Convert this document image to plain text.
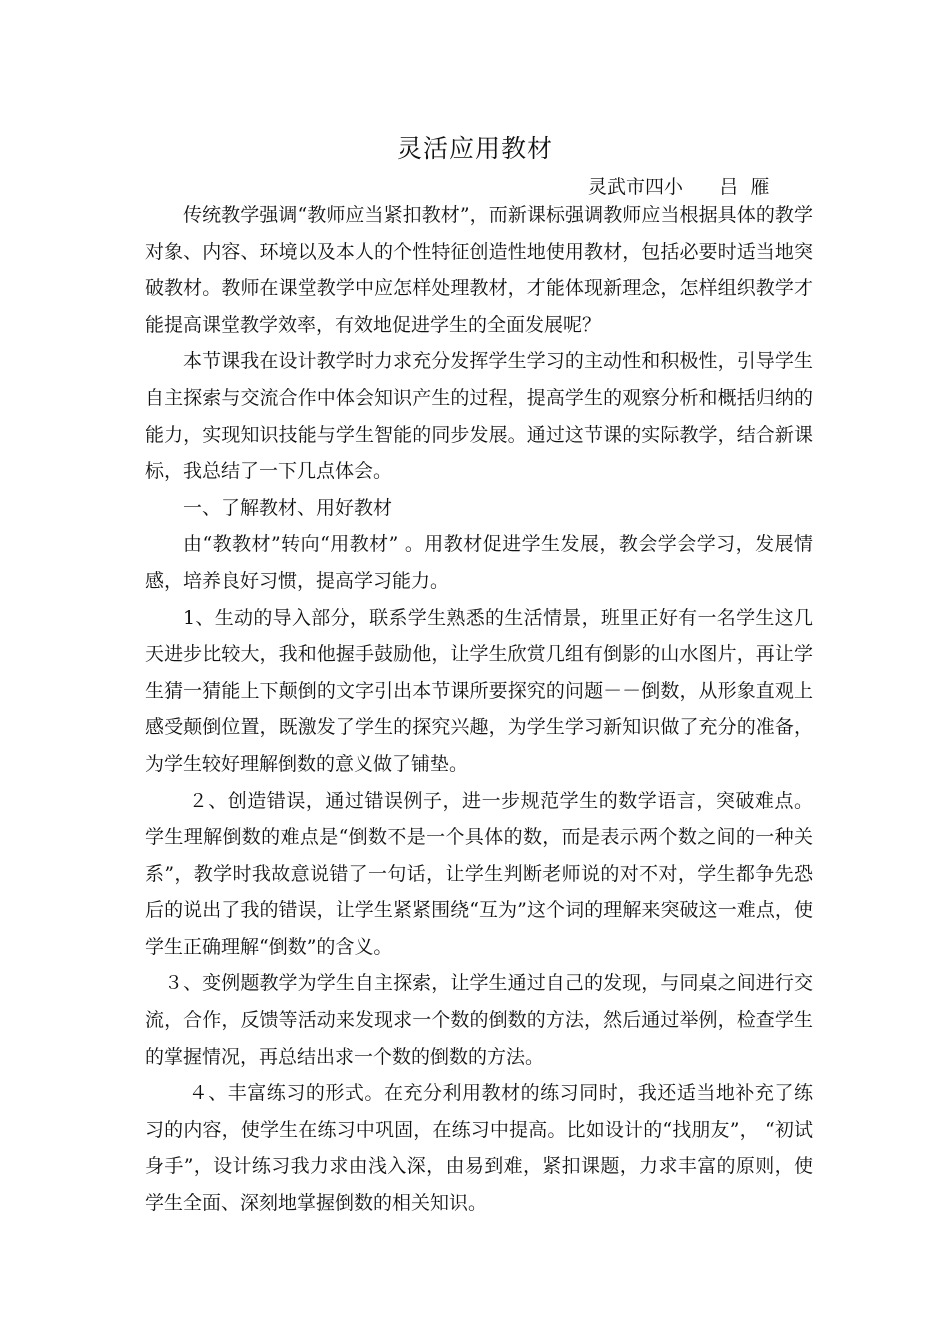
灵活应用教材
灵武市四小      吕  雁

传统教学强调“教师应当紧扣教材”，而新课标强调教师应当根据具体的教学对象、内容、环境以及本人的个性特征创造性地使用教材，包括必要时适当地突破教材。教师在课堂教学中应怎样处理教材，才能体现新理念，怎样组织教学才能提高课堂教学效率，有效地促进学生的全面发展呢？

本节课我在设计教学时力求充分发挥学生学习的主动性和积极性，引导学生自主探索与交流合作中体会知识产生的过程，提高学生的观察分析和概括归纳的能力，实现知识技能与学生智能的同步发展。通过这节课的实际教学，结合新课标，我总结了一下几点体会。

一、了解教材、用好教材

由“教教材”转向“用教材” 。用教材促进学生发展，教会学会学习，发展情感，培养良好习惯，提高学习能力。

1、生动的导入部分，联系学生熟悉的生活情景，班里正好有一名学生这几天进步比较大，我和他握手鼓励他，让学生欣赏几组有倒影的山水图片，再让学生猜一猜能上下颠倒的文字引出本节课所要探究的问题－－倒数，从形象直观上感受颠倒位置，既激发了学生的探究兴趣，为学生学习新知识做了充分的准备，为学生较好理解倒数的意义做了铺垫。

２、创造错误，通过错误例子，进一步规范学生的数学语言，突破难点。学生理解倒数的难点是“倒数不是一个具体的数，而是表示两个数之间的一种关系”，教学时我故意说错了一句话，让学生判断老师说的对不对，学生都争先恐后的说出了我的错误，让学生紧紧围绕“互为”这个词的理解来突破这一难点，使学生正确理解“倒数”的含义。

３、变例题教学为学生自主探索，让学生通过自己的发现，与同桌之间进行交流，合作，反馈等活动来发现求一个数的倒数的方法，然后通过举例，检查学生的掌握情况，再总结出求一个数的倒数的方法。

４、丰富练习的形式。在充分利用教材的练习同时，我还适当地补充了练习的内容，使学生在练习中巩固，在练习中提高。比如设计的“找朋友”， “初试身手”，设计练习我力求由浅入深，由易到难，紧扣课题，力求丰富的原则，使学生全面、深刻地掌握倒数的相关知识。
